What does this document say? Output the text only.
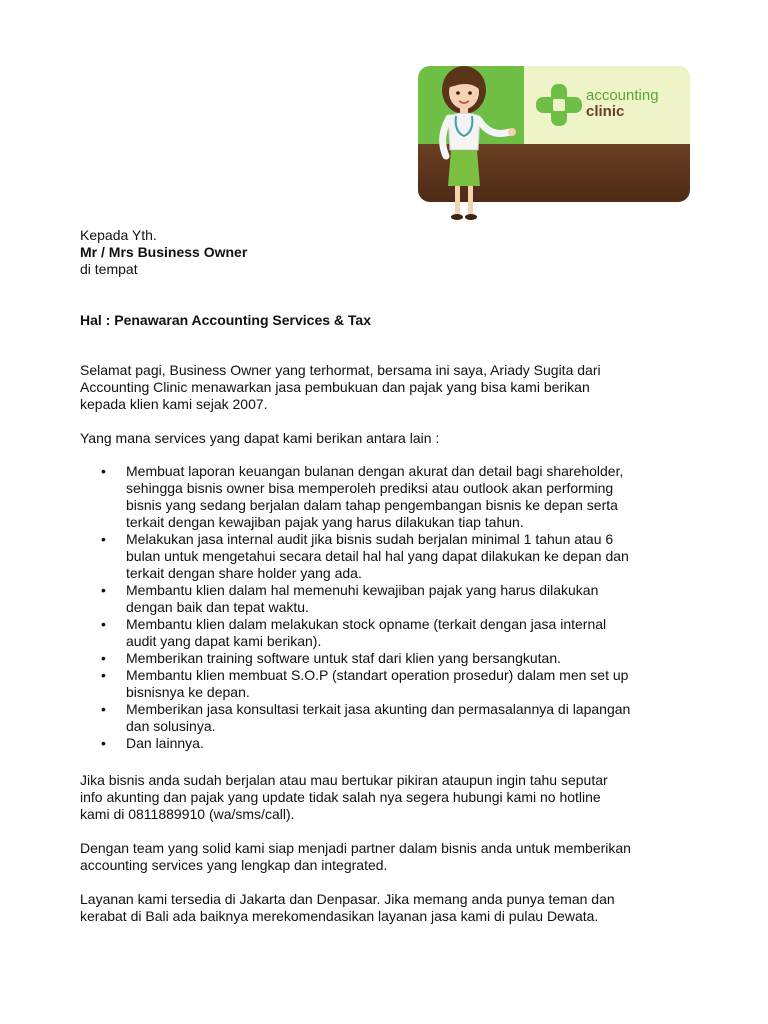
accounting
clinic
Kepada Yth.
Mr / Mrs Business Owner
di tempat
Hal : Penawaran Accounting Services & Tax
Selamat pagi, Business Owner yang terhormat, bersama ini saya, Ariady Sugita dari
Accounting Clinic menawarkan jasa pembukuan dan pajak yang bisa kami berikan
kepada klien kami sejak 2007.
Yang mana services yang dapat kami berikan antara lain :
• Membuat laporan keuangan bulanan dengan akurat dan detail bagi shareholder,
sehingga bisnis owner bisa memperoleh prediksi atau outlook akan performing
bisnis yang sedang berjalan dalam tahap pengembangan bisnis ke depan serta
terkait dengan kewajiban pajak yang harus dilakukan tiap tahun.
• Melakukan jasa internal audit jika bisnis sudah berjalan minimal 1 tahun atau 6
bulan untuk mengetahui secara detail hal hal yang dapat dilakukan ke depan dan
terkait dengan share holder yang ada.
• Membantu klien dalam hal memenuhi kewajiban pajak yang harus dilakukan
dengan baik dan tepat waktu.
• Membantu klien dalam melakukan stock opname (terkait dengan jasa internal
audit yang dapat kami berikan).
• Memberikan training software untuk staf dari klien yang bersangkutan.
• Membantu klien membuat S.O.P (standart operation prosedur) dalam men set up
bisnisnya ke depan.
• Memberikan jasa konsultasi terkait jasa akunting dan permasalannya di lapangan
dan solusinya.
• Dan lainnya.
Jika bisnis anda sudah berjalan atau mau bertukar pikiran ataupun ingin tahu seputar
info akunting dan pajak yang update tidak salah nya segera hubungi kami no hotline
kami di 0811889910 (wa/sms/call).
Dengan team yang solid kami siap menjadi partner dalam bisnis anda untuk memberikan
accounting services yang lengkap dan integrated.
Layanan kami tersedia di Jakarta dan Denpasar. Jika memang anda punya teman dan
kerabat di Bali ada baiknya merekomendasikan layanan jasa kami di pulau Dewata.
